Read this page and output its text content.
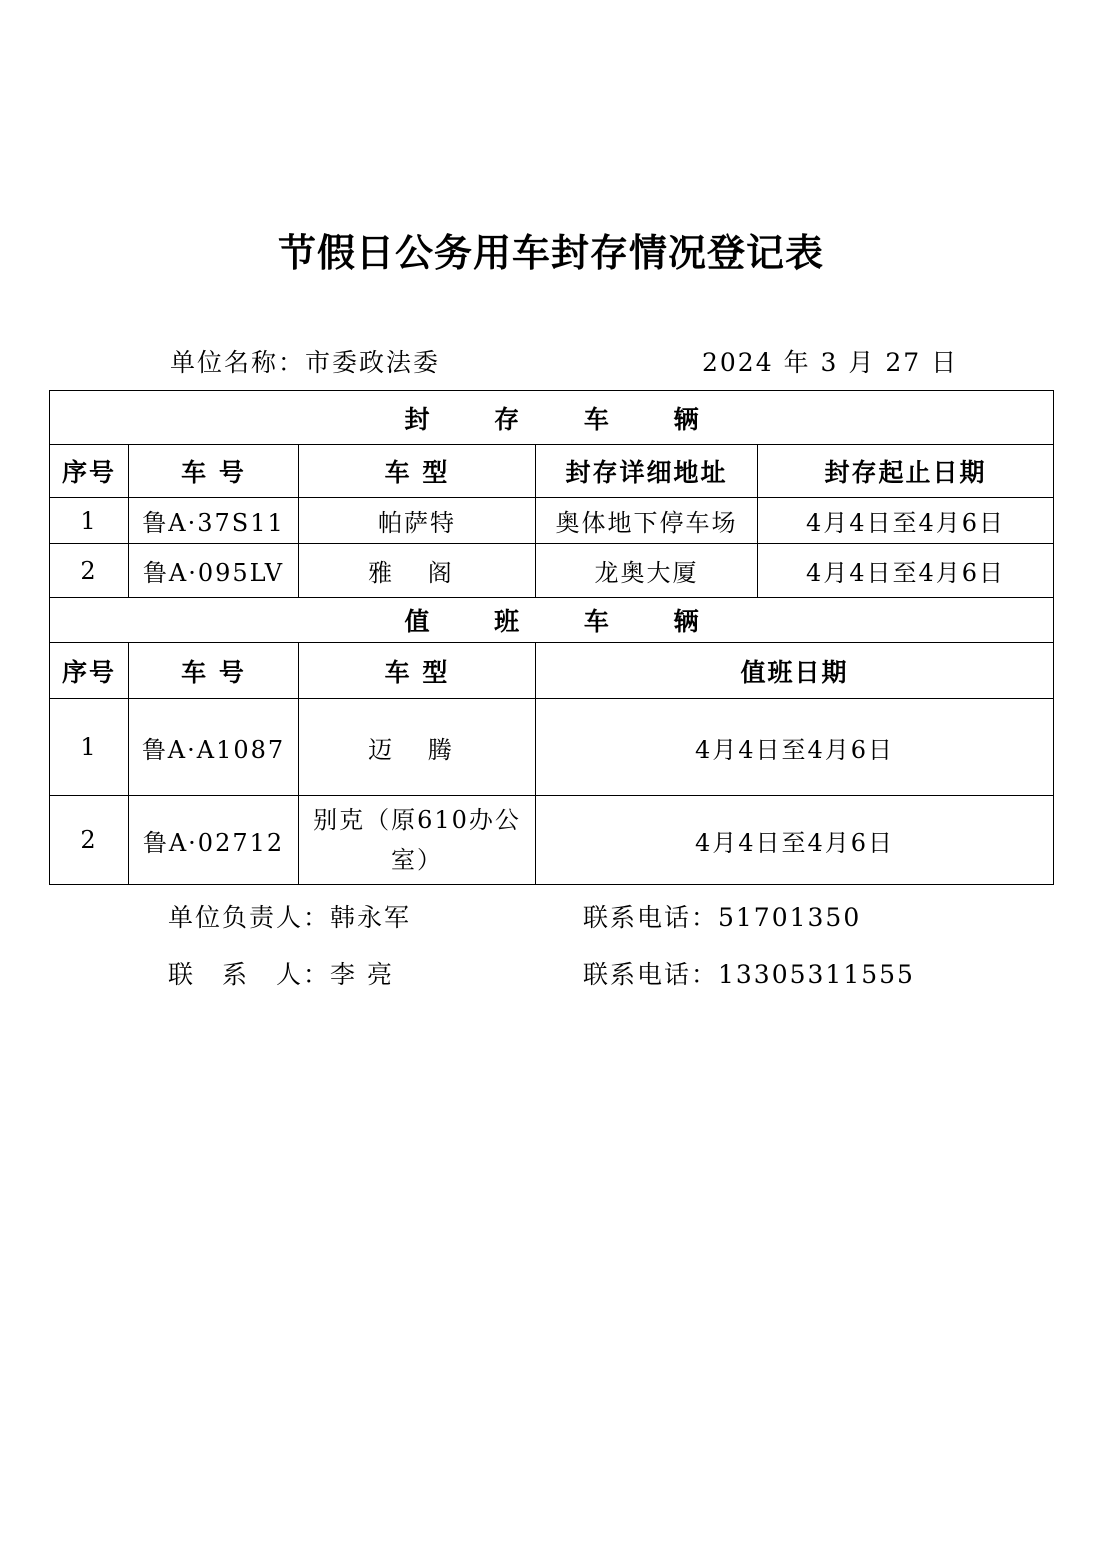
节假日公务用车封存情况登记表
单位名称：市委政法委	2024 年 3 月 27 日
封 存 车 辆				
序号	车 号	车 型	封存详细地址	封存起止日期
1	鲁A·37S11	帕萨特	奥体地下停车场	4月4日至4月6日
2	鲁A·095LV	雅 阁	龙奥大厦	4月4日至4月6日
值 班 车 辆				
序号	车 号	车 型	值班日期	
1	鲁A·A1087	迈 腾	4月4日至4月6日	
2	鲁A·02712	别克（原610办公室）	4月4日至4月6日	
单位负责人：韩永军	联系电话：51701350
联　系　人：李 亮	联系电话：13305311555
